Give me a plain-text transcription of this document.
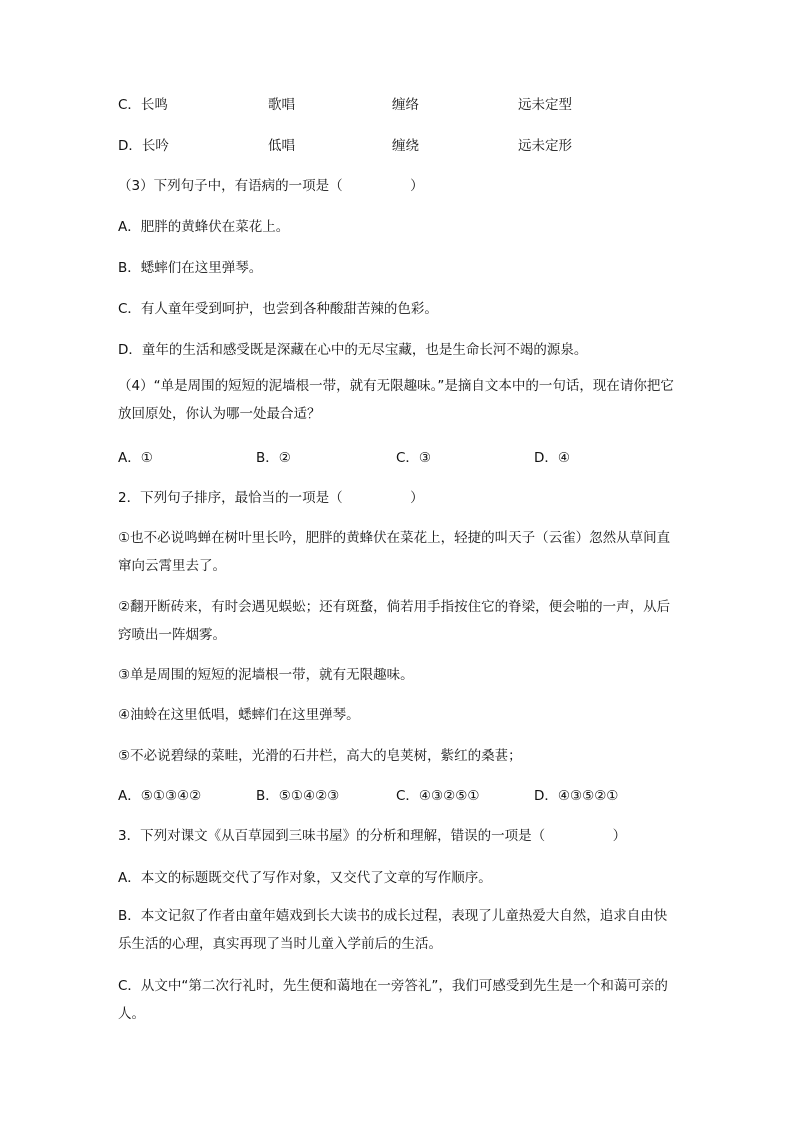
C．长鸣	歌唱	缠络	远未定型
D．长吟	低唱	缠绕	远未定形
（3）下列句子中，有语病的一项是（　　　　　）
A．肥胖的黄蜂伏在菜花上。
B．蟋蟀们在这里弹琴。
C．有人童年受到呵护，也尝到各种酸甜苦辣的色彩。
D．童年的生活和感受既是深藏在心中的无尽宝藏，也是生命长河不竭的源泉。
（4）“单是周围的短短的泥墙根一带，就有无限趣味。”是摘自文本中的一句话，现在请你把它放回原处，你认为哪一处最合适？
A．①	B．②	C．③	D．④
2．下列句子排序，最恰当的一项是（　　　　　）
①也不必说鸣蝉在树叶里长吟，肥胖的黄蜂伏在菜花上，轻捷的叫天子（云雀）忽然从草间直窜向云霄里去了。
②翻开断砖来，有时会遇见蜈蚣；还有斑蝥，倘若用手指按住它的脊梁，便会啪的一声，从后窍喷出一阵烟雾。
③单是周围的短短的泥墙根一带，就有无限趣味。
④油蛉在这里低唱，蟋蟀们在这里弹琴。
⑤不必说碧绿的菜畦，光滑的石井栏，高大的皂荚树，紫红的桑葚；
A．⑤①③④②	B．⑤①④②③	C．④③②⑤①	D．④③⑤②①
3．下列对课文《从百草园到三味书屋》的分析和理解，错误的一项是（　　　　　）
A．本文的标题既交代了写作对象，又交代了文章的写作顺序。
B．本文记叙了作者由童年嬉戏到长大读书的成长过程，表现了儿童热爱大自然，追求自由快乐生活的心理，真实再现了当时儿童入学前后的生活。
C．从文中“第二次行礼时，先生便和蔼地在一旁答礼”，我们可感受到先生是一个和蔼可亲的人。
